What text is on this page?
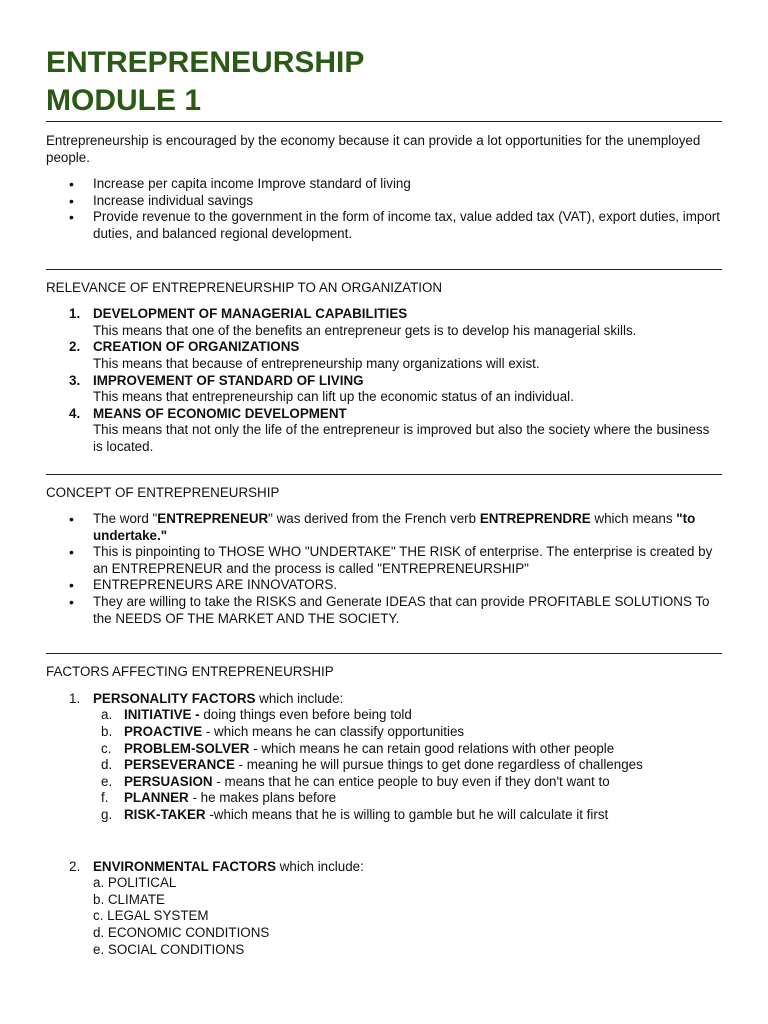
ENTREPRENEURSHIP
MODULE 1

Entrepreneurship is encouraged by the economy because it can provide a lot opportunities for the unemployed people.

• Increase per capita income Improve standard of living
• Increase individual savings
• Provide revenue to the government in the form of income tax, value added tax (VAT), export duties, import duties, and balanced regional development.

RELEVANCE OF ENTREPRENEURSHIP TO AN ORGANIZATION

1. DEVELOPMENT OF MANAGERIAL CAPABILITIES
This means that one of the benefits an entrepreneur gets is to develop his managerial skills.
2. CREATION OF ORGANIZATIONS
This means that because of entrepreneurship many organizations will exist.
3. IMPROVEMENT OF STANDARD OF LIVING
This means that entrepreneurship can lift up the economic status of an individual.
4. MEANS OF ECONOMIC DEVELOPMENT
This means that not only the life of the entrepreneur is improved but also the society where the business is located.

CONCEPT OF ENTREPRENEURSHIP

• The word "ENTREPRENEUR" was derived from the French verb ENTREPRENDRE which means "to undertake."
• This is pinpointing to THOSE WHO "UNDERTAKE" THE RISK of enterprise. The enterprise is created by an ENTREPRENEUR and the process is called "ENTREPRENEURSHIP"
• ENTREPRENEURS ARE INNOVATORS.
• They are willing to take the RISKS and Generate IDEAS that can provide PROFITABLE SOLUTIONS To the NEEDS OF THE MARKET AND THE SOCIETY.

FACTORS AFFECTING ENTREPRENEURSHIP

1. PERSONALITY FACTORS which include:
a. INITIATIVE - doing things even before being told
b. PROACTIVE - which means he can classify opportunities
c. PROBLEM-SOLVER - which means he can retain good relations with other people
d. PERSEVERANCE - meaning he will pursue things to get done regardless of challenges
e. PERSUASION - means that he can entice people to buy even if they don't want to
f. PLANNER - he makes plans before
g. RISK-TAKER -which means that he is willing to gamble but he will calculate it first
2. ENVIRONMENTAL FACTORS which include:
a. POLITICAL
b. CLIMATE
c. LEGAL SYSTEM
d. ECONOMIC CONDITIONS
e. SOCIAL CONDITIONS
